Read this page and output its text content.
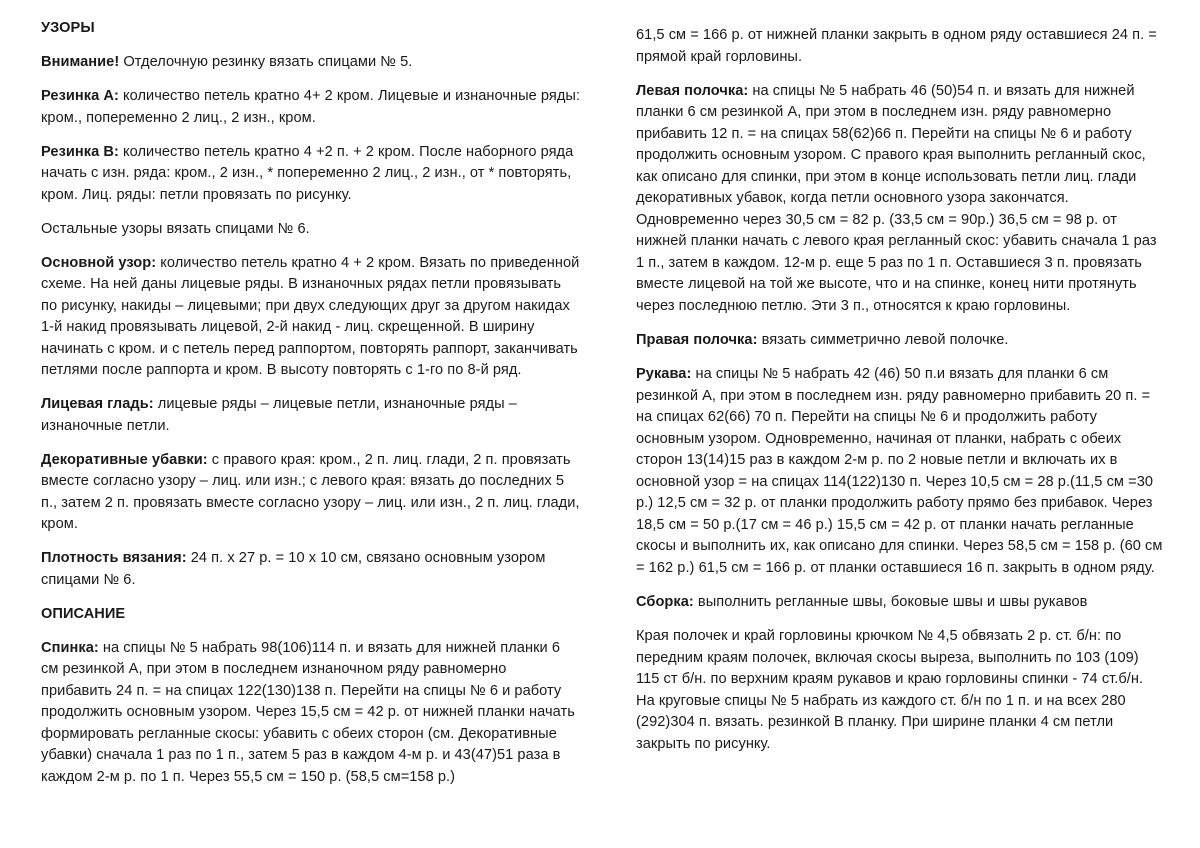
УЗОРЫ

Внимание! Отделочную резинку вязать спицами № 5.

Резинка А: количество петель кратно 4+ 2 кром. Лицевые и изнаночные ряды: кром., попеременно 2 лиц., 2 изн., кром.

Резинка В: количество петель кратно 4 +2 п. + 2 кром. После наборного ряда начать с изн. ряда: кром., 2 изн., * попеременно 2 лиц., 2 изн., от * повторять, кром. Лиц. ряды: петли провязать по рисунку.

Остальные узоры вязать спицами № 6.

Основной узор: количество петель кратно 4 + 2 кром. Вязать по приведенной схеме. На ней даны лицевые ряды. В изнаночных рядах петли провязывать по рисунку, накиды – лицевыми; при двух следующих друг за другом накидах 1-й накид провязывать лицевой, 2-й накид - лиц. скрещенной. В ширину начинать с кром. и с петель перед раппортом, повторять раппорт, заканчивать петлями после раппорта и кром. В высоту повторять с 1-го по 8-й ряд.

Лицевая гладь: лицевые ряды – лицевые петли, изнаночные ряды – изнаночные петли.

Декоративные убавки: с правого края: кром., 2 п. лиц. глади, 2 п. провязать вместе согласно узору – лиц. или изн.; с левого края: вязать до последних 5 п., затем 2 п. провязать вместе согласно узору – лиц. или изн., 2 п. лиц. глади, кром.

Плотность вязания: 24 п. х 27 р. = 10 х 10 см, связано основным узором спицами № 6.

ОПИСАНИЕ

Спинка: на спицы № 5 набрать 98(106)114 п. и вязать для нижней планки 6 см резинкой А, при этом в последнем изнаночном ряду равномерно прибавить 24 п. = на спицах 122(130)138 п. Перейти на спицы № 6 и работу продолжить основным узором. Через 15,5 см = 42 р. от нижней планки начать формировать регланные скосы: убавить с обеих сторон (см. Декоративные убавки) сначала 1 раз по 1 п., затем 5 раз в каждом 4-м р. и 43(47)51 раза в каждом 2-м р. по 1 п. Через 55,5 см = 150 р. (58,5 см=158 р.)

61,5 см = 166 р. от нижней планки закрыть в одном ряду оставшиеся 24 п. = прямой край горловины.

Левая полочка: на спицы № 5 набрать 46 (50)54 п. и вязать для нижней планки 6 см резинкой А, при этом в последнем изн. ряду равномерно прибавить 12 п. = на спицах 58(62)66 п. Перейти на спицы № 6 и работу продолжить основным узором. С правого края выполнить регланный скос, как описано для спинки, при этом в конце использовать петли лиц. глади декоративных убавок, когда петли основного узора закончатся. Одновременно через 30,5 см = 82 р. (33,5 см = 90р.) 36,5 см = 98 р. от нижней планки начать с левого края регланный скос: убавить сначала 1 раз 1 п., затем в каждом. 12-м р. еще 5 раз по 1 п. Оставшиеся 3 п. провязать вместе лицевой на той же высоте, что и на спинке, конец нити протянуть через последнюю петлю. Эти 3 п., относятся к краю горловины.

Правая полочка: вязать симметрично левой полочке.

Рукава: на спицы № 5 набрать 42 (46) 50 п.и вязать для планки 6 см резинкой А, при этом в последнем изн. ряду равномерно прибавить 20 п. = на спицах 62(66) 70 п. Перейти на спицы № 6 и продолжить работу основным узором. Одновременно, начиная от планки, набрать с обеих сторон 13(14)15 раз в каждом 2-м р. по 2 новые петли и включать их в основной узор = на спицах 114(122)130 п. Через 10,5 см = 28 р.(11,5 см =30 р.) 12,5 см = 32 р. от планки продолжить работу прямо без прибавок. Через 18,5 см = 50 р.(17 см = 46 р.) 15,5 см = 42 р. от планки начать регланные скосы и выполнить их, как описано для спинки. Через 58,5 см = 158 р. (60 см = 162 р.) 61,5 см = 166 р. от планки оставшиеся 16 п. закрыть в одном ряду.

Сборка: выполнить регланные швы, боковые швы и швы рукавов

Края полочек и край горловины крючком № 4,5 обвязать 2 р. ст. б/н: по передним краям полочек, включая скосы выреза, выполнить по 103 (109) 115 ст б/н. по верхним краям рукавов и краю горловины спинки - 74 ст.б/н. На круговые спицы № 5 набрать из каждого ст. б/н по 1 п. и на всех 280 (292)304 п. вязать. резинкой В планку. При ширине планки 4 см петли закрыть по рисунку.
